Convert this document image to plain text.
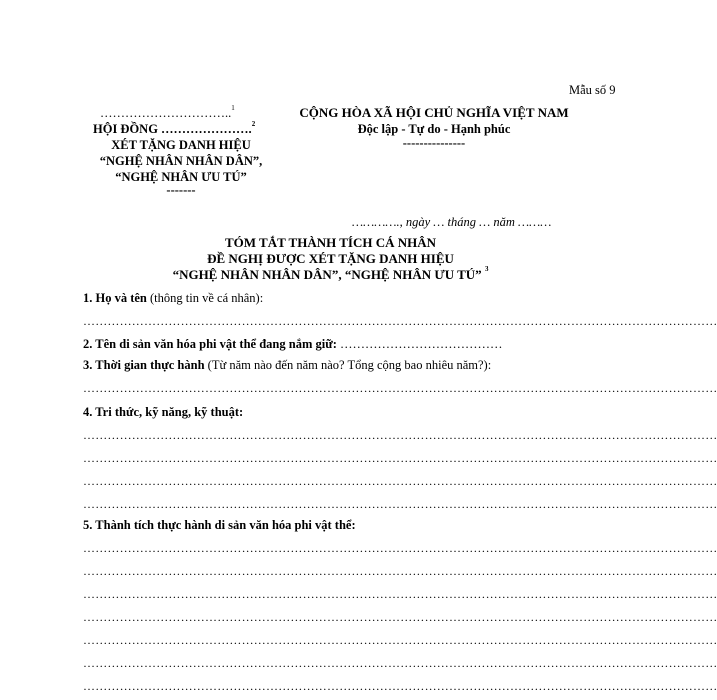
Mẫu số 9
…………………………..$^1$
HỘI ĐỒNG ………………….$^2$
XÉT TẶNG DANH HIỆU
“NGHỆ NHÂN NHÂN DÂN”,
“NGHỆ NHÂN ƯU TÚ”
-------
CỘNG HÒA XÃ HỘI CHỦ NGHĨA VIỆT NAM
Độc lập - Tự do - Hạnh phúc
---------------
…………., ngày … tháng … năm ………
TÓM TẮT THÀNH TÍCH CÁ NHÂN
ĐỀ NGHỊ ĐƯỢC XÉT TẶNG DANH HIỆU
“NGHỆ NHÂN NHÂN DÂN”, “NGHỆ NHÂN ƯU TÚ” $^3$
1. Họ và tên (thông tin về cá nhân):
…………………………………………………………………………………………………………………………………………
2. Tên di sản văn hóa phi vật thể đang nắm giữ: …………………………………
3. Thời gian thực hành (Từ năm nào đến năm nào? Tổng cộng bao nhiêu năm?):
…………………………………………………………………………………………………………………………………………
4. Tri thức, kỹ năng, kỹ thuật:
…………………………………………………………………………………………………………………………………………
…………………………………………………………………………………………………………………………………………
…………………………………………………………………………………………………………………………………………
…………………………………………………………………………………………………………………………………………
5. Thành tích thực hành di sản văn hóa phi vật thể:
…………………………………………………………………………………………………………………………………………
…………………………………………………………………………………………………………………………………………
…………………………………………………………………………………………………………………………………………
…………………………………………………………………………………………………………………………………………
…………………………………………………………………………………………………………………………………………
…………………………………………………………………………………………………………………………………………
…………………………………………………………………………………………………………………………………………
